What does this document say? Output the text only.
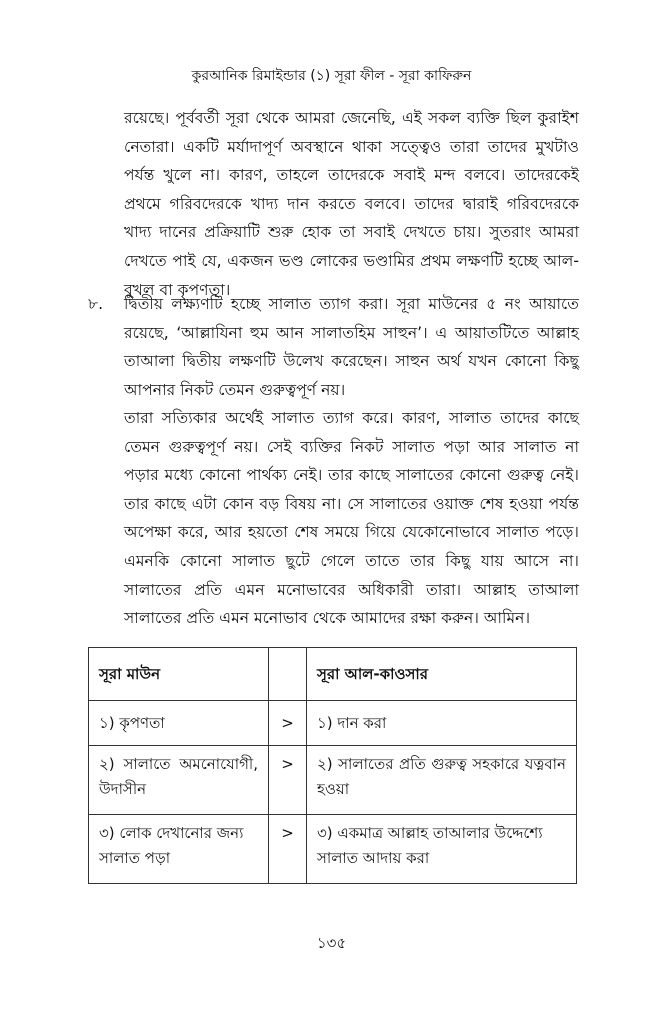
কুরআনিক রিমাইন্ডার (১) সূরা ফীল - সূরা কাফিরুন
রয়েছে। পূর্ববর্তী সূরা থেকে আমরা জেনেছি, এই সকল ব্যক্তি ছিল কুরাইশ নেতারা। একটি মর্যাদাপূর্ণ অবস্থানে থাকা সত্ত্বেও তারা তাদের মুখটাও পর্যন্ত খুলে না। কারণ, তাহলে তাদেরকে সবাই মন্দ বলবে। তাদেরকেই প্রথমে গরিবদেরকে খাদ্য দান করতে বলবে। তাদের দ্বারাই গরিবদেরকে খাদ্য দানের প্রক্রিয়াটি শুরু হোক তা সবাই দেখতে চায়। সুতরাং আমরা দেখতে পাই যে, একজন ভণ্ড লোকের ভণ্ডামির প্রথম লক্ষণটি হচ্ছে আল-বুখল বা কৃপণতা।
৮. দ্বিতীয় লক্ষ্যণটি হচ্ছে সালাত ত্যাগ করা। সূরা মাউনের ৫ নং আয়াতে রয়েছে, ‘আল্লাযিনা হুম আন সালাতহিম সাহুন’। এ আয়াতটিতে আল্লাহ তাআলা দ্বিতীয় লক্ষণটি উলেখ করেছেন। সাহুন অর্থ যখন কোনো কিছু আপনার নিকট তেমন গুরুত্বপূর্ণ নয়।
তারা সত্যিকার অর্থেই সালাত ত্যাগ করে। কারণ, সালাত তাদের কাছে তেমন গুরুত্বপূর্ণ নয়। সেই ব্যক্তির নিকট সালাত পড়া আর সালাত না পড়ার মধ্যে কোনো পার্থক্য নেই। তার কাছে সালাতের কোনো গুরুত্ব নেই। তার কাছে এটা কোন বড় বিষয় না। সে সালাতের ওয়াক্ত শেষ হওয়া পর্যন্ত অপেক্ষা করে, আর হয়তো শেষ সময়ে গিয়ে যেকোনোভাবে সালাত পড়ে। এমনকি কোনো সালাত ছুটে গেলে তাতে তার কিছু যায় আসে না। সালাতের প্রতি এমন মনোভাবের অধিকারী তারা। আল্লাহ তাআলা সালাতের প্রতি এমন মনোভাব থেকে আমাদের রক্ষা করুন। আমিন।
সূরা মাউন		সূরা আল-কাওসার
১) কৃপণতা	>	১) দান করা
২) সালাতে অমনোযোগী, উদাসীন	>	২) সালাতের প্রতি গুরুত্ব সহকারে যত্নবান হওয়া
৩) লোক দেখানোর জন্য সালাত পড়া	>	৩) একমাত্র আল্লাহ তাআলার উদ্দেশ্যে সালাত আদায় করা
১৩৫
